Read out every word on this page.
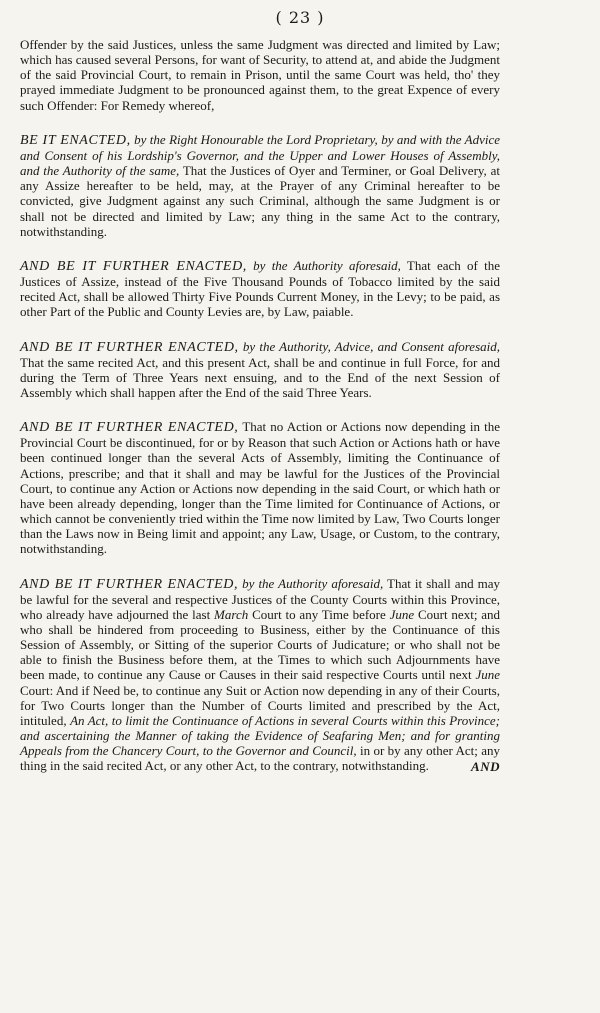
( 23 )

Offender by the said Justices, unless the same Judgment was directed and limited by Law; which has caused several Persons, for want of Security, to attend at, and abide the Judgment of the said Provincial Court, to remain in Prison, until the same Court was held, tho' they prayed immediate Judgment to be pronounced against them, to the great Expence of every such Offender: For Remedy whereof,

BE IT ENACTED, by the Right Honourable the Lord Proprietary, by and with the Advice and Consent of his Lordship's Governor, and the Upper and Lower Houses of Assembly, and the Authority of the same, That the Justices of Oyer and Terminer, or Goal Delivery, at any Assize hereafter to be held, may, at the Prayer of any Criminal hereafter to be convicted, give Judgment against any such Criminal, although the same Judgment is or shall not be directed and limited by Law; any thing in the same Act to the contrary, notwithstanding.

AND BE IT FURTHER ENACTED, by the Authority aforesaid, That each of the Justices of Assize, instead of the Five Thousand Pounds of Tobacco limited by the said recited Act, shall be allowed Thirty Five Pounds Current Money, in the Levy; to be paid, as other Part of the Public and County Levies are, by Law, paiable.

AND BE IT FURTHER ENACTED, by the Authority, Advice, and Consent aforesaid, That the same recited Act, and this present Act, shall be and continue in full Force, for and during the Term of Three Years next ensuing, and to the End of the next Session of Assembly which shall happen after the End of the said Three Years.

AND BE IT FURTHER ENACTED, That no Action or Actions now depending in the Provincial Court be discontinued, for or by Reason that such Action or Actions hath or have been continued longer than the several Acts of Assembly, limiting the Continuance of Actions, prescribe; and that it shall and may be lawful for the Justices of the Provincial Court, to continue any Action or Actions now depending in the said Court, or which hath or have been already depending, longer than the Time limited for Continuance of Actions, or which cannot be conveniently tried within the Time now limited by Law, Two Courts longer than the Laws now in Being limit and appoint; any Law, Usage, or Custom, to the contrary, notwithstanding.

AND BE IT FURTHER ENACTED, by the Authority aforesaid, That it shall and may be lawful for the several and respective Justices of the County Courts within this Province, who already have adjourned the last March Court to any Time before June Court next; and who shall be hindered from proceeding to Business, either by the Continuance of this Session of Assembly, or Sitting of the superior Courts of Judicature; or who shall not be able to finish the Business before them, at the Times to which such Adjournments have been made, to continue any Cause or Causes in their said respective Courts until next June Court: And if Need be, to continue any Suit or Action now depending in any of their Courts, for Two Courts longer than the Number of Courts limited and prescribed by the Act, intituled, An Act, to limit the Continuance of Actions in several Courts within this Province; and ascertaining the Manner of taking the Evidence of Seafaring Men; and for granting Appeals from the Chancery Court, to the Governor and Council, in or by any other Act; any thing in the said recited Act, or any other Act, to the contrary, notwithstanding.	AND
